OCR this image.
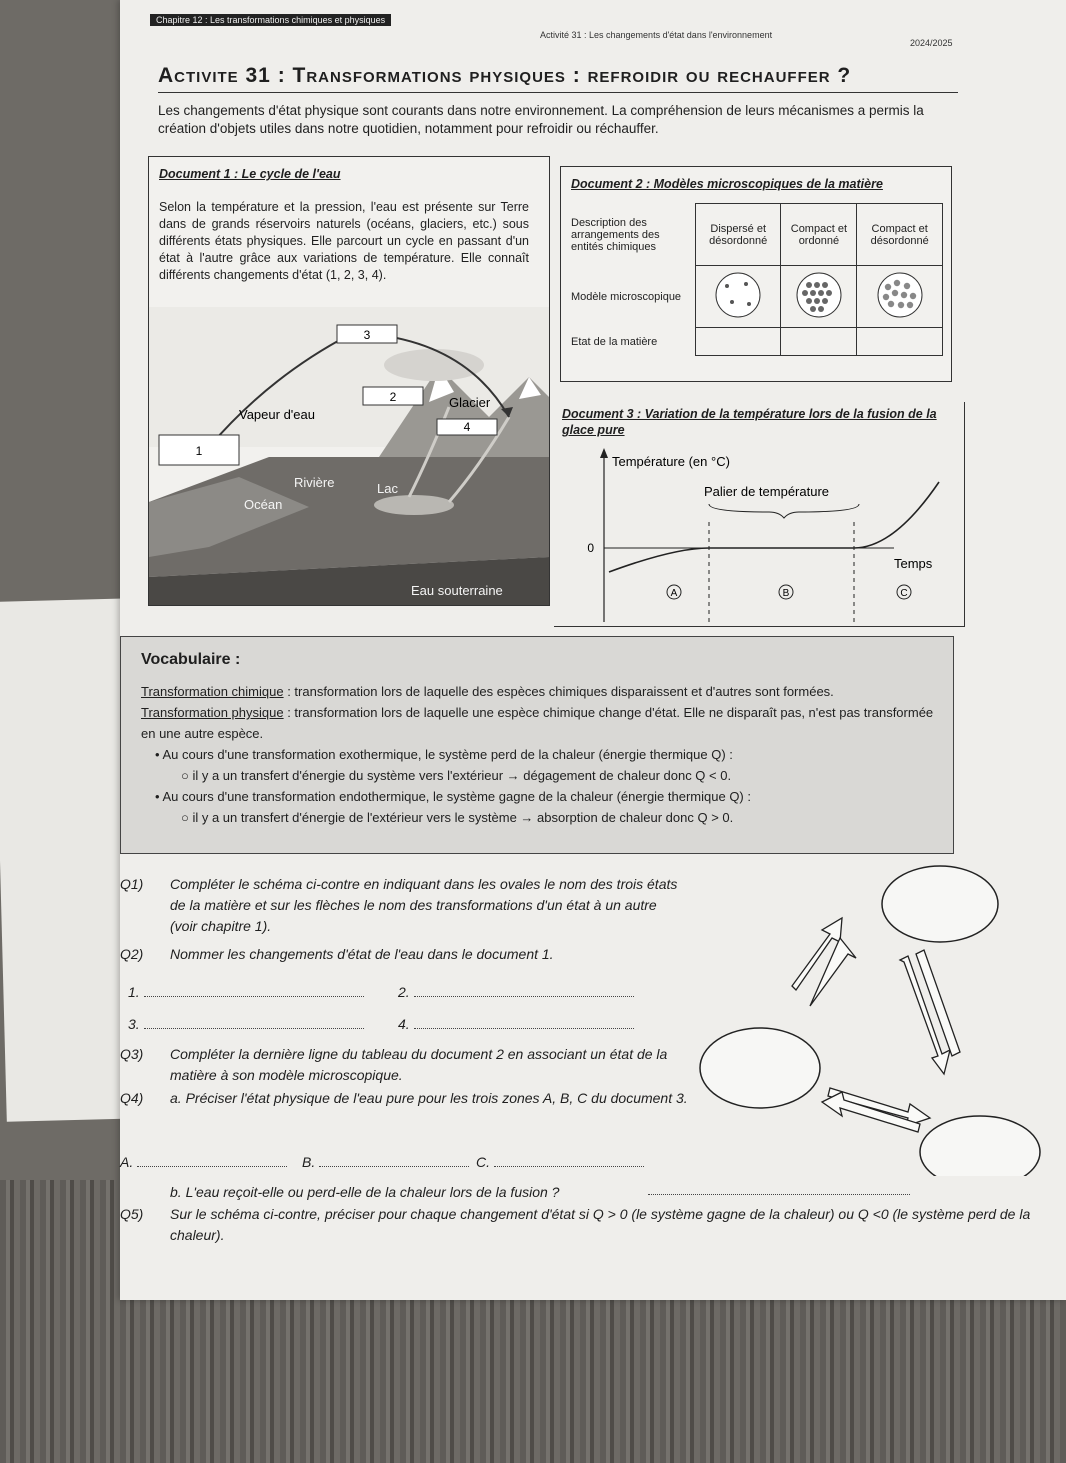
Chapitre 12 : Les transformations chimiques et physiques
Activité 31 : Les changements d'état dans l'environnement
2024/2025
Activite 31 : Transformations physiques : refroidir ou rechauffer ?
Les changements d'état physique sont courants dans notre environnement. La compréhension de leurs mécanismes a permis la création d'objets utiles dans notre quotidien, notamment pour refroidir ou réchauffer.
Document 1 : Le cycle de l'eau
Selon la température et la pression, l'eau est présente sur Terre dans de grands réservoirs naturels (océans, glaciers, etc.) sous différents états physiques. Elle parcourt un cycle en passant d'un état à l'autre grâce aux variations de température. Elle connaît différents changements d'état (1, 2, 3, 4).
3
2
4
1
Vapeur d'eau
Glacier
Rivière	Lac
Océan
Eau souterraine
Document 2 : Modèles microscopiques de la matière
Description des arrangements des entités chimiques	Dispersé et désordonné	Compact et ordonné	Compact et désordonné
Modèle microscopique			
Etat de la matière			
Document 3 : Variation de la température lors de la fusion de la glace pure
0
Température (en °C)
Palier de température
Temps
A	B	C
Vocabulaire :

Transformation chimique : transformation lors de laquelle des espèces chimiques disparaissent et d'autres sont formées.

Transformation physique : transformation lors de laquelle une espèce chimique change d'état. Elle ne disparaît pas, n'est pas transformée en une autre espèce.

• Au cours d'une transformation exothermique, le système perd de la chaleur (énergie thermique Q) :

○ il y a un transfert d'énergie du système vers l'extérieur → dégagement de chaleur donc Q < 0.

• Au cours d'une transformation endothermique, le système gagne de la chaleur (énergie thermique Q) :

○ il y a un transfert d'énergie de l'extérieur vers le système → absorption de chaleur donc Q > 0.

Q1)	Compléter le schéma ci-contre en indiquant dans les ovales le nom des trois états de la matière et sur les flèches le nom des transformations d'un état à un autre (voir chapitre 1).
Q2) Nommer les changements d'état de l'eau dans le document 1.
1.	2.
3.	4.
Q3) Compléter la dernière ligne du tableau du document 2 en associant un état de la matière à son modèle microscopique.
Q4) a. Préciser l'état physique de l'eau pure pour les trois zones A, B, C du document 3.
A.	B.	C.
b. L'eau reçoit-elle ou perd-elle de la chaleur lors de la fusion ?
Q5) Sur le schéma ci-contre, préciser pour chaque changement d'état si Q > 0 (le système gagne de la chaleur) ou Q <0 (le système perd de la chaleur).
